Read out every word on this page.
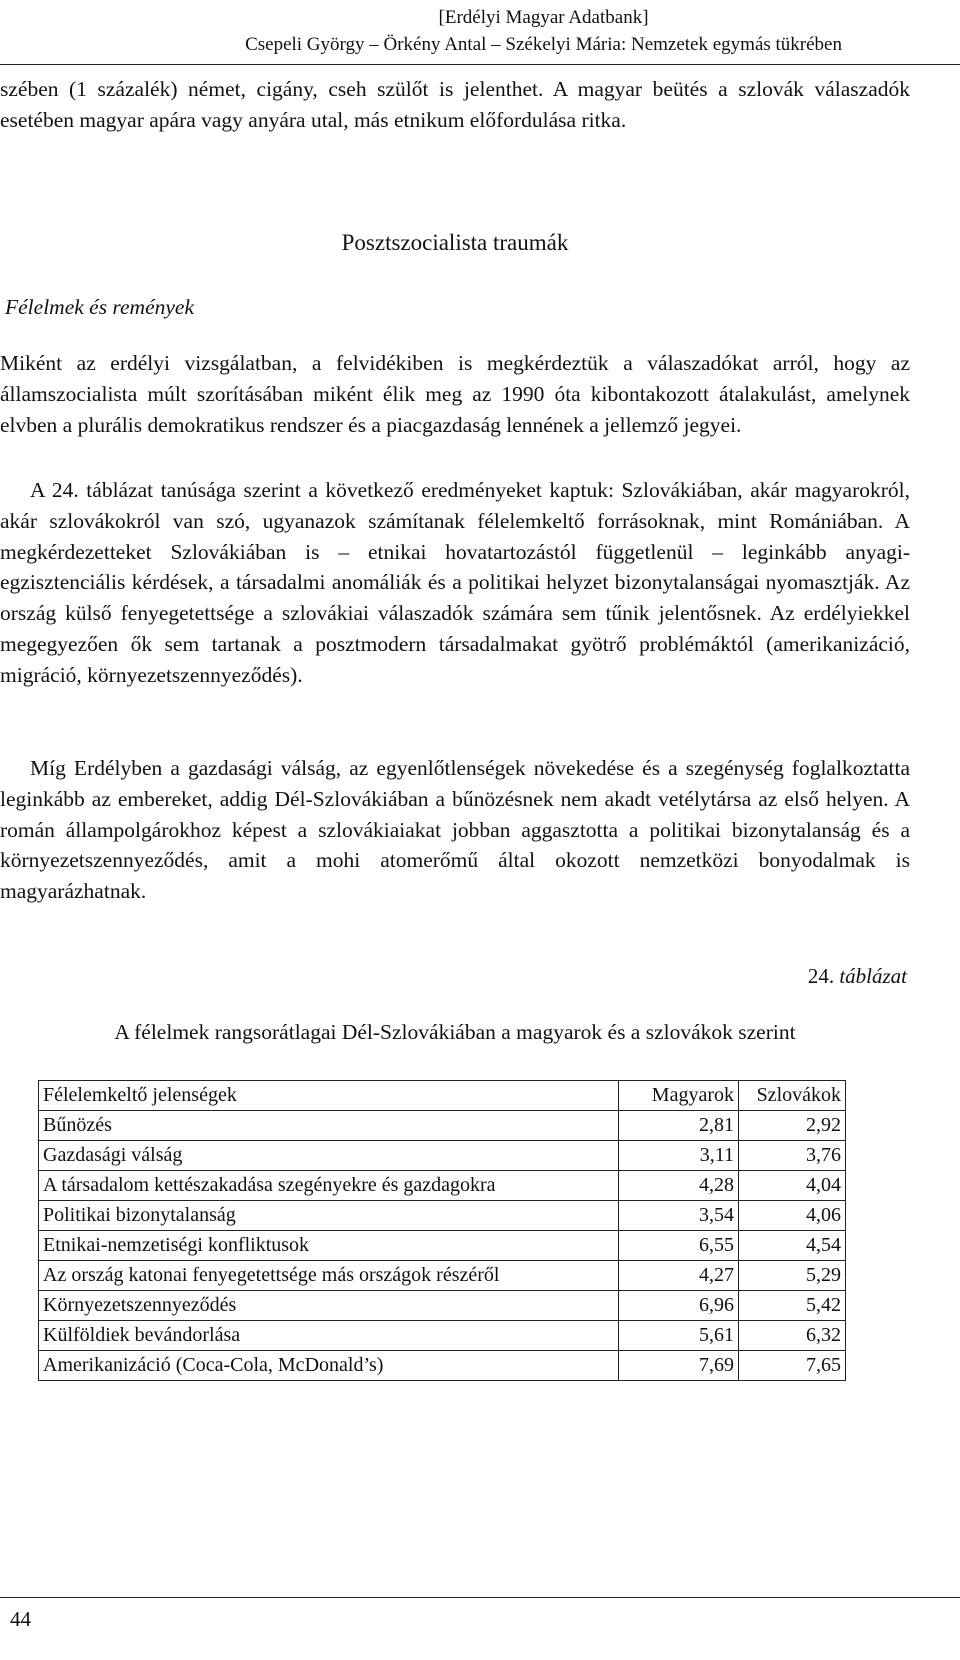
[Erdélyi Magyar Adatbank]
Csepeli György – Örkény Antal – Székelyi Mária: Nemzetek egymás tükrében

szében (1 százalék) német, cigány, cseh szülőt is jelenthet. A magyar beütés a szlovák válaszadók esetében magyar apára vagy anyára utal, más etnikum előfordulása ritka.

Posztszocialista traumák
Félelmek és remények

Miként az erdélyi vizsgálatban, a felvidékiben is megkérdeztük a válaszadókat arról, hogy az államszocialista múlt szorításában miként élik meg az 1990 óta kibontakozott átalakulást, amelynek elvben a plurális demokratikus rendszer és a piacgazdaság lennének a jellemző jegyei.

A 24. táblázat tanúsága szerint a következő eredményeket kaptuk: Szlovákiában, akár magyarokról, akár szlovákokról van szó, ugyanazok számítanak félelemkeltő forrásoknak, mint Romániában. A megkérdezetteket Szlovákiában is – etnikai hovatartozástól függetlenül – leginkább anyagi-egzisztenciális kérdések, a társadalmi anomáliák és a politikai helyzet bizonytalanságai nyomasztják. Az ország külső fenyegetettsége a szlovákiai válaszadók számára sem tűnik jelentősnek. Az erdélyiekkel megegyezően ők sem tartanak a posztmodern társadalmakat gyötrő problémáktól (amerikanizáció, migráció, környezetszennyeződés).

Míg Erdélyben a gazdasági válság, az egyenlőtlenségek növekedése és a szegénység foglalkoztatta leginkább az embereket, addig Dél-Szlovákiában a bűnözésnek nem akadt vetélytársa az első helyen. A román állampolgárokhoz képest a szlovákiaiakat jobban aggasztotta a politikai bizonytalanság és a környezetszennyeződés, amit a mohi atomerőmű által okozott nemzetközi bonyodalmak is magyarázhatnak.

24. táblázat
A félelmek rangsorátlagai Dél-Szlovákiában a magyarok és a szlovákok szerint
Félelemkeltő jelenségek	Magyarok	Szlovákok
Bűnözés	2,81	2,92
Gazdasági válság	3,11	3,76
A társadalom kettészakadása szegényekre és gazdagokra	4,28	4,04
Politikai bizonytalanság	3,54	4,06
Etnikai-nemzetiségi konfliktusok	6,55	4,54
Az ország katonai fenyegetettsége más országok részéről	4,27	5,29
Környezetszennyeződés	6,96	5,42
Külföldiek bevándorlása	5,61	6,32
Amerikanizáció (Coca-Cola, McDonald’s)	7,69	7,65
44
